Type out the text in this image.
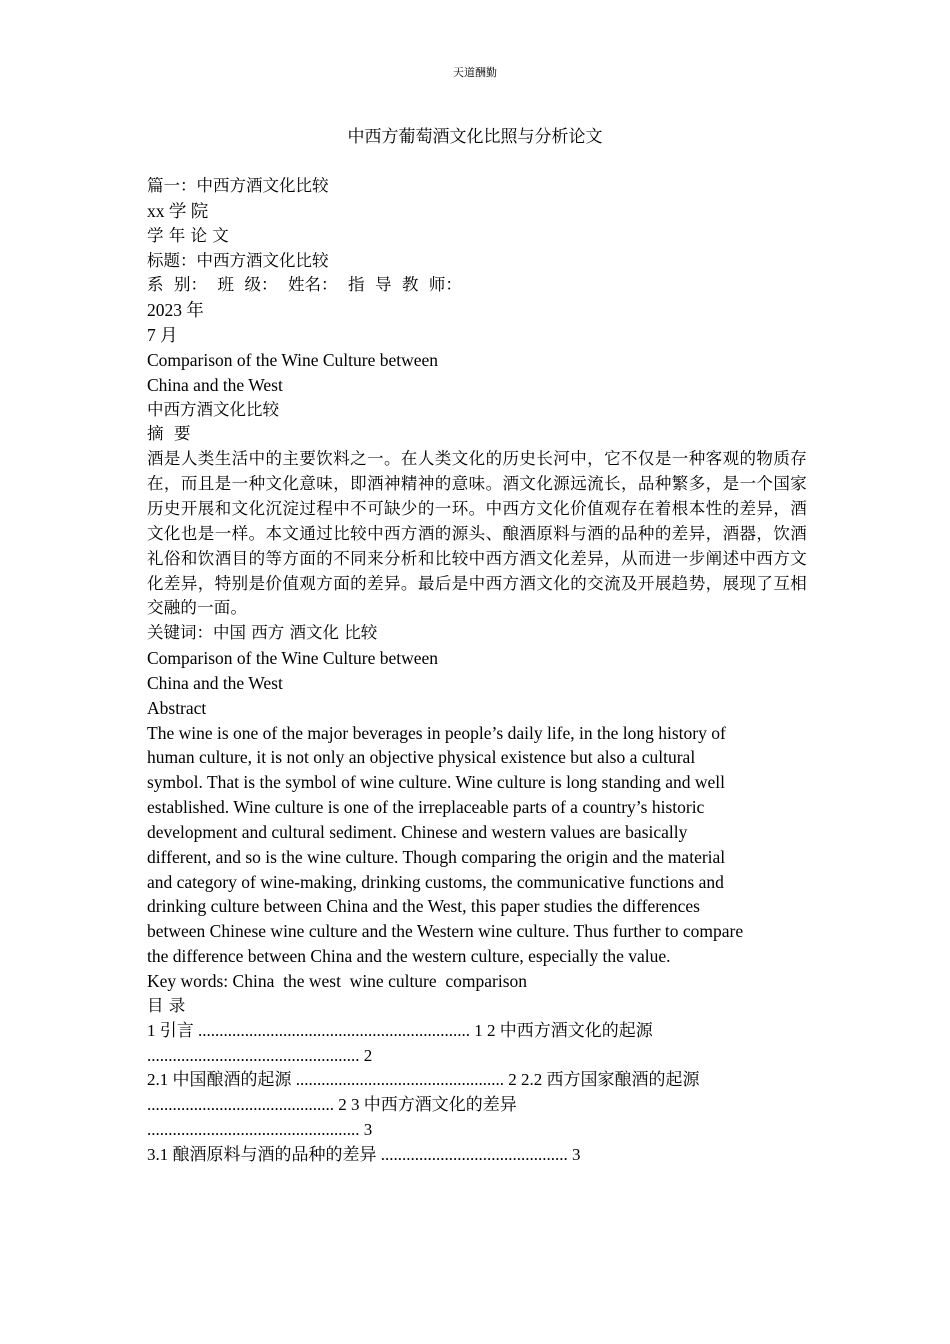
天道酬勤
中西方葡萄酒文化比照与分析论文
篇一：中西方酒文化比较
xx 学 院
学 年 论 文
标题：中西方酒文化比较
系  别：  班  级：  姓名：  指  导  教  师：
2023 年
7 月
Comparison of the Wine Culture between
China and the West
中西方酒文化比较
摘  要
酒是人类生活中的主要饮料之一。在人类文化的历史长河中，它不仅是一种客观的物质存在，而且是一种文化意味，即酒神精神的意味。酒文化源远流长，品种繁多，是一个国家历史开展和文化沉淀过程中不可缺少的一环。中西方文化价值观存在着根本性的差异，酒文化也是一样。本文通过比较中西方酒的源头、酿酒原料与酒的品种的差异，酒器，饮酒礼俗和饮酒目的等方面的不同来分析和比较中西方酒文化差异，从而进一步阐述中西方文化差异，特别是价值观方面的差异。最后是中西方酒文化的交流及开展趋势，展现了互相交融的一面。
关键词：中国 西方 酒文化 比较
Comparison of the Wine Culture between
China and the West
Abstract
The wine is one of the major beverages in people’s daily life, in the long history of
human culture, it is not only an objective physical existence but also a cultural
symbol. That is the symbol of wine culture. Wine culture is long standing and well
established. Wine culture is one of the irreplaceable parts of a country’s historic
development and cultural sediment. Chinese and western values are basically
different, and so is the wine culture. Though comparing the origin and the material
and category of wine-making, drinking customs, the communicative functions and
drinking culture between China and the West, this paper studies the differences
between Chinese wine culture and the Western wine culture. Thus further to compare
the difference between China and the western culture, especially the value.
Key words: China  the west  wine culture  comparison
目 录
1 引言 ................................................................ 1 2 中西方酒文化的起源
.................................................. 2
2.1 中国酿酒的起源 ................................................. 2 2.2 西方国家酿酒的起源
............................................ 2 3 中西方酒文化的差异
.................................................. 3
3.1 酿酒原料与酒的品种的差异 ............................................ 3
